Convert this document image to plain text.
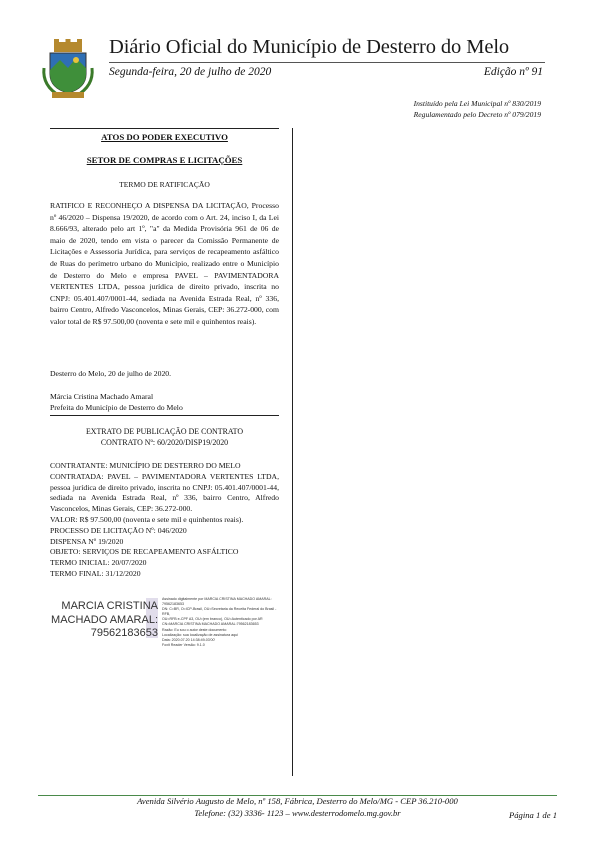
Diário Oficial do Município de Desterro do Melo
Segunda-feira, 20 de julho de 2020	Edição nº 91
Instituído pela Lei Municipal nº 830/2019
Regulamentado pelo Decreto nº 079/2019
ATOS DO PODER EXECUTIVO
SETOR DE COMPRAS E LICITAÇÕES
TERMO DE RATIFICAÇÃO
RATIFICO E RECONHEÇO A DISPENSA DA LICITAÇÃO, Processo nº 46/2020 – Dispensa 19/2020, de acordo com o Art. 24, inciso I, da Lei 8.666/93, alterado pelo art 1º, "a" da Medida Provisória 961 de 06 de maio de 2020, tendo em vista o parecer da Comissão Permanente de Licitações e Assessoria Jurídica, para serviços de recapeamento asfáltico de Ruas do perímetro urbano do Município, realizado entre o Município de Desterro do Melo e empresa PAVEL – PAVIMENTADORA VERTENTES LTDA, pessoa jurídica de direito privado, inscrita no CNPJ: 05.401.407/0001-44, sediada na Avenida Estrada Real, nº 336, bairro Centro, Alfredo Vasconcelos, Minas Gerais, CEP: 36.272-000, com valor total de R$ 97.500,00 (noventa e sete mil e quinhentos reais).
Desterro do Melo, 20 de julho de 2020.
Márcia Cristina Machado Amaral
Prefeita do Município de Desterro do Melo
EXTRATO DE PUBLICAÇÃO DE CONTRATO
CONTRATO Nº: 60/2020/DISP19/2020
CONTRATANTE: MUNICÍPIO DE DESTERRO DO MELO
CONTRATADA: PAVEL – PAVIMENTADORA VERTENTES LTDA, pessoa jurídica de direito privado, inscrita no CNPJ: 05.401.407/0001-44, sediada na Avenida Estrada Real, nº 336, bairro Centro, Alfredo Vasconcelos, Minas Gerais, CEP: 36.272-000.
VALOR: R$ 97.500,00 (noventa e sete mil e quinhentos reais).
PROCESSO DE LICITAÇÃO Nº: 046/2020
DISPENSA Nº 19/2020
OBJETO: SERVIÇOS DE RECAPEAMENTO ASFÁLTICO
TERMO INICIAL: 20/07/2020
TERMO FINAL: 31/12/2020
MARCIA CRISTINA
MACHADO AMARAL:
79562183653
Assinado digitalmente por MARCIA CRISTINA MACHADO AMARAL:
79562183653
DN: C=BR, O=ICP-Brasil, OU=Secretaria da Receita Federal do Brasil - RFB,
OU=RFB e-CPF A3, OU=(em branco), OU=Autenticado por AR
CN=MARCIA CRISTINA MACHADO AMARAL:79562183653
Razão: Eu sou o autor deste documento
Localização: sua localização de assinatura aqui
Data: 2020.07.20 14:38:49-03'00'
Foxit Reader Versão: 9.1.0
Avenida Silvério Augusto de Melo, nº 158, Fábrica, Desterro do Melo/MG - CEP 36.210-000
Telefone: (32) 3336- 1123 – www.desterrodomelo.mg.gov.br	Página 1 de 1
